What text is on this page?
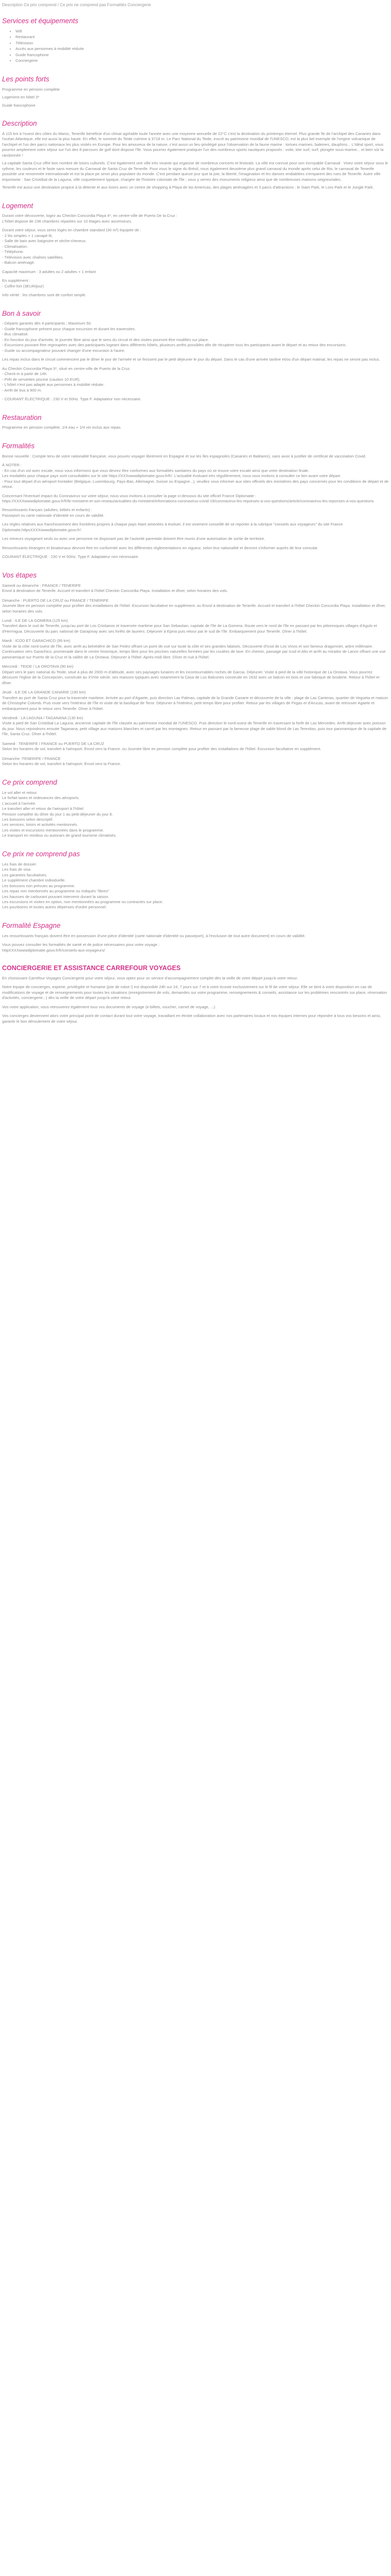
Description Ce prix comprend / Ce prix ne comprend pas Formalités Conciergerie
Services et équipements
• Wifi
• Restaurant
• Télévision
• Accès aux personnes à mobilité réduite
• Guide francophone
• Conciergerie
Les points forts

Programme en pension complète

Logement en hôtel 3*

Guide francophone

Description

À 115 km à l'ouest des côtes du Maroc, Tenerife bénéficie d'un climat agréable toute l'année avec une moyenne annuelle de 22°C c'est la destination du printemps éternel. Plus grande île de l'archipel des Canaries dans l'océan Atlantique, elle est aussi la plus haute. En effet, le sommet du Teide culmine à 3718 m. Le Parc National du Teide, inscrit au patrimoine mondial de l'UNESCO, est la plus bel exemple de l'origine volcanique de l'archipel et l'un des parcs nationaux les plus visités en Europe. Pour les amoureux de la nature, c'est aussi un lieu privilégié pour l'observation de la faune marine : tortues marines, baleines, dauphins... L'Idéal sport, vous pourrez amplement votre séjour sur l'un des 8 parcours de golf dont dispose l'île. Vous pourrez également pratiquer l'un des nombreux sports nautiques proposés : voile, kite surf, surf, plongée sous-marine... et bien sûr la randonnée !

La capitale Santa Cruz offre bon nombre de loisirs culturels. C'est également une ville très vivante qui organise de nombreux concerts et festivals. La ville est connue pour son incroyable Carnaval : Vivez votre séjour sous le rythme, les couleurs et le faste sans mesure du Carnaval de Santa Cruz de Tenerife. Pour vous le signe du Brésil, nous également deuxième plus grand carnaval du monde après celui de Rio, le carnaval de Tenerife possède une renommée internationale et est la place pe sinon plus populaire du monde. C'est pendant quinze jour que la joie, la liberté, l'imagination et les danses endiablées s'emparent des rues de Tenerife. Autre ville importante : San Cristóbal de la Laguna, ville coquettement typique, chargée de l'histoire coloniale de l'île ; vous y verrez des monuments religieux ainsi que de nombreuses maisons seigneuriales.

Tenerife est aussi une destination propice à la détente et aux loisirs avec un centre de shopping à Playa de las Americas, des plages aménagées et 3 parcs d'attractions : le Siam Park, le Loro Park et le Jungle Park.

Logement
Durant votre découverte, logez au Checkin Concordia Playa 4*, en centre-ville de Puerto De la Cruz :
L'hôtel dispose de 236 chambres réparties sur 10 étages avec ascenseurs.
Durant votre séjour, vous serez logés en chambre standard (30 m²) équipée de :
- 2 lits simples + 1 canapé-lit,
- Salle de bain avec baignoire et sèche-cheveux.
- Climatisation.
- Téléphone.
- Télévision avec chaînes satellites.
- Balcon aménagé.
Capacité maximum : 3 adultes ou 2 adultes + 1 enfant
En supplément :
- Coffre-fort (3EUR/jour)
Info vérité : les chambres sont de confort simple.
Bon à savoir
- Départs garantis dès 4 participants ; Maximum 50.
- Guide francophone présent pour chaque excursion et durant les traversées.
- Bus climatisé.
- En fonction du jour d'arrivée, le journée libre ainsi que le sens du circuit et des visites pourront être modifiés sur place.
- Excursions pouvant être regroupées avec des participants logeant dans différents hôtels, plusieurs arrêts possibles afin de récupérer tous les participants avant le départ et au retour des excursions.
- Guide ou accompagnateur pouvant changer d'une excursion à l'autre.
Les repas inclus dans le circuit commencent par le dîner le jour de l'arrivée et se finissent par le petit déjeuner le jour du départ. Dans le cas d'une arrivée tardive et/ou d'un départ matinal, les repas ne seront pas inclus.
Au Checkin Concordia Playa 3*, situé en centre-ville de Puerto de la Cruz.
- Check-in à partir de 14h.
- Prêt de serviettes piscine (caution 10 EUR).
- L'hôtel n'est pas adapté aux personnes à mobilité réduite.
- Arrêt de bus à 900 m.
- COURANT ÉLECTRIQUE : 230 V et 50Hz. Type F. Adaptateur non nécessaire.
Restauration
Programme en pension complète, 1/4 eau + 1/4 vin inclus aux repas.
Formalités
Bonne nouvelle : Compte tenu de votre nationalité française, vous pouvez voyager librement en Espagne et sur les îles espagnoles (Canaries et Baléares), sans avoir à justifier de certificat de vaccination Covid.
À NOTER :
- En cas d'un vol avec escale, nous vous informons que vous devrez être conformes aux formalités sanitaires du pays où se trouve votre escale ainsi que votre destination finale.
Les modalités pour chaque pays sont consultables sur le site https://XXXwwwdiplomatie.gouv.fr/fr/. L'actualité évoluant très régulièrement, nous vous invitons à consulter ce lien avant votre départ.
- Pour tout départ d'un aéroport frontalier (Belgique, Luxembourg, Pays-Bas, Allemagne, Suisse ou Espagne...), veuillez vous informer aux sites officiels des ministères des pays concernés pour les conditions de départ et de retour.
Concernant l'éventuel impact du Coronavirus sur votre séjour, nous vous invitons à consulter la page ci-dessous du site officiel France Diplomatie :
https://XXXXwwwdiplomatie.gouv.fr/fr/le-ministere-et-son-reseau/actualites-du-ministere/informations-coronavirus-covid-19/coronavirus-les-reponses-a-vos-questions/article/coronavirus-les-reponses-a-vos-questions
Ressortissants français (adultes, bébés et enfants) :
Passeport ou carte nationale d'identité en cours de validité.
Les règles relatives aux franchissement des frontières propres à chaque pays étant amenées à évoluer, il est vivement conseillé de se reporter à la rubrique "conseils aux voyageurs" du site France Diplomatie,httpsXXXXwwwdiplomatie.gouv.fr/.
Les mineurs voyageant seuls ou avec une personne ne disposant pas de l'autorité parentale doivent être munis d'une autorisation de sortie de territoire.
Ressortissants étrangers et binationaux devront être en conformité avec les différentes réglementations en vigueur, selon leur nationalité et devront s'informer auprès de leur consulat.
COURANT ÉLECTRIQUE : 230 V et 50Hz. Type F. Adaptateur non nécessaire.
Vos étapes
Samedi ou dimanche : FRANCE / TENERIFE
Envol à destination de Tenerife. Accueil et transfert à l'hôtel Checkin Concordia Playa. Installation et dîner, selon horaires des vols.
Dimanche : PUERTO DE LA CRUZ ou FRANCE / TENERIFE
Journée libre en pension complète pour profiter des installations de l'hôtel. Excursion facultative en supplément. ou Envol à destination de Tenerife. Accueil et transfert à l'hôtel Checkin Concordia Playa. Installation et dîner, selon horaires des vols.
Lundi : ILE DE LA GOMERA (125 km)
Transfert dans le sud de Tenerife, jusqu'au port de Los Cristianos et traversée maritime pour San Sebastian, capitale de l'île de La Gomera. Route vers le nord de l'île en passant par les pittoresques villages d'Agulo et d'Hermigua. Découverte du parc national de Garajonay avec ses forêts de lauriers. Déjeuner à Epina puis retour par le sud de l'île. Embarquement pour Tenerife. Dîner à l'hôtel.
Mardi : ICOD ET GARACHICO (95 km)
Visite de la côte nord-ouest de l'île, avec arrêt au belvédère de San Pedro offrant un point de vue sur toute la côte et ses grandes falaises. Découverte d'Icod de Los Vinos et son fameux dragonnier, arbre millénaire. Continuation vers Garachico, promenade dans le centre historique, temps libre pour les piscines naturelles formées par les coulées de lave. En chemin, passage par Icod el Alto et arrêt au mirador de Lance offrant une vue panoramique sur Puerto de la Cruz et la vallée de La Orotava. Déjeuner à l'hôtel. Après-midi libre. Dîner et nuit à l'hôtel.
Mercredi : TEIDE / LA OROTAVA (90 km)
Départ vers le parc national du Teide, situé à plus de 2000 m d'altitude, avec ses paysages lunaires et les incontournables roches de Garcia. Déjeuner. Visite à pied de la ville historique de La Orotava. Vous pourrez découvrir l'église de la Concepción, construite au XVIIIe siècle, ses maisons typiques avec notamment la Casa de Los Balcones construite en 1632 avec un balcon en bois et une fabrique de broderie. Retour à l'hôtel et dîner.
Jeudi : ILE DE LA GRANDE CANARIE (190 km)
Transfert au port de Santa Cruz pour la traversée maritime. Arrivée au port d'Agaete, puis direction Las Palmas, capitale de la Grande Canarie et découverte de la ville : plage de Las Canteras, quartier de Vegueta et maison de Christophe Colomb. Puis route vers l'intérieur de l'île et visite de la basilique de Teror. Déjeuner à l'intérieur, petit temps libre pour profiter. Retour par les villages de Firgas et d'Arucas, avant de retrouver Agaete et embarquement pour le retour vers Tenerife. Dîner à l'hôtel.
Vendredi : LA LAGUNA / TAGANANA (130 km)
Visite à pied de San Cristóbal La Laguna, ancienne capitale de l'île classée au patrimoine mondial de l'UNESCO. Puis direction le nord-ouest de Tenerife en traversant la forêt de Las Mercedes. Arrêt déjeuner avec poisson du jour. Nous rejoindrons ensuite Taganana, petit village aux maisons blanches et carrel par les montagnes. Retour en passant par la fameuse plage de sable blond de Las Teresitas, puis tour panoramique de la capitale de l'île, Santa Cruz. Dîner à l'hôtel.
Samedi : TENERIFE / FRANCE ou PUERTO DE LA CRUZ
Selon les horaires de vol, transfert à l'aéroport. Envol vers la France. ou Journée libre en pension complète pour profiter des installations de l'hôtel. Excursion facultative en supplément.
Dimanche :TENERIFE / FRANCE
Selon les horaires de vol, transfert à l'aéroport. Envol vers la France.
Ce prix comprend
Le vol aller et retour.
Le forfait taxes et redevances des aéroports.
L'accueil à l'arrivée.
Le transfert aller et retour de l'aéroport à l'hôtel.
Pension complète du dîner du jour 1 au petit-déjeuner du jour 8.
Les boissons selon descriptif.
Les services, loisirs et activités mentionnés.
Les visites et excursions mentionnées dans le programme.
Le transport en minibus ou autocars de grand tourisme climatisés.
Ce prix ne comprend pas
Les frais de dossier.
Les frais de visa.
Les garanties facultatives.
Le supplément chambre individuelle.
Les boissons non prévues au programme.
Les repas non mentionnés au programme ou indiqués "libres"
Les hausses de carburant pouvant intervenir durant la saison.
Les excursions et visites en option, non mentionnées au programme ou contractés sur place.
Les pourboires et toutes autres dépenses d'ordre personnel.
Formalité Espagne
Les ressortissants français doivent être en possession d'une pièce d'identité (carte nationale d'identité ou passeport), à l'exclusion de tout autre document) en cours de validité.
Vous pouvez consulter les formalités de santé et de police nécessaires pour votre voyage :
httpXXXXwwwdiplomatie.gouv.fr/fr/conseils-aux-voyageurs/
CONCIERGERIE ET ASSISTANCE CARREFOUR VOYAGES
En choisissant Carrefour Voyages Conciergerie pour votre séjour, vous optez pour un service d'accompagnement complet dès la veille de votre départ jusqu'à votre retour.
Notre équipe de concierges, experte, privilégiée et humaine (joie de robot !) est disponible 24h sur 24, 7 jours sur 7 et à votre écoute exclusivement sur le fil de votre séjour. Elle se tient à votre disposition en cas de modifications de voyage et de renseignements pour toutes les situations (enregistrement de vols, demandes sur votre programme, renseignements & conseils, assistance sur les problèmes rencontrés sur place, réservation d'activités, conciergerie...) dès la veille de votre départ jusqu'à votre retour.
Vos notre application, vous retrouverez également tous vos documents de voyage (e-billets, voucher, carnet de voyage, ...).
Vos concierges deviennent alors votre principal point de contact durant tout votre voyage, travaillant en étroite collaboration avec nos partenaires locaux et nos équipes internes pour répondre à tous vos besoins et ainsi, garantir le bon déroulement de votre séjour.
